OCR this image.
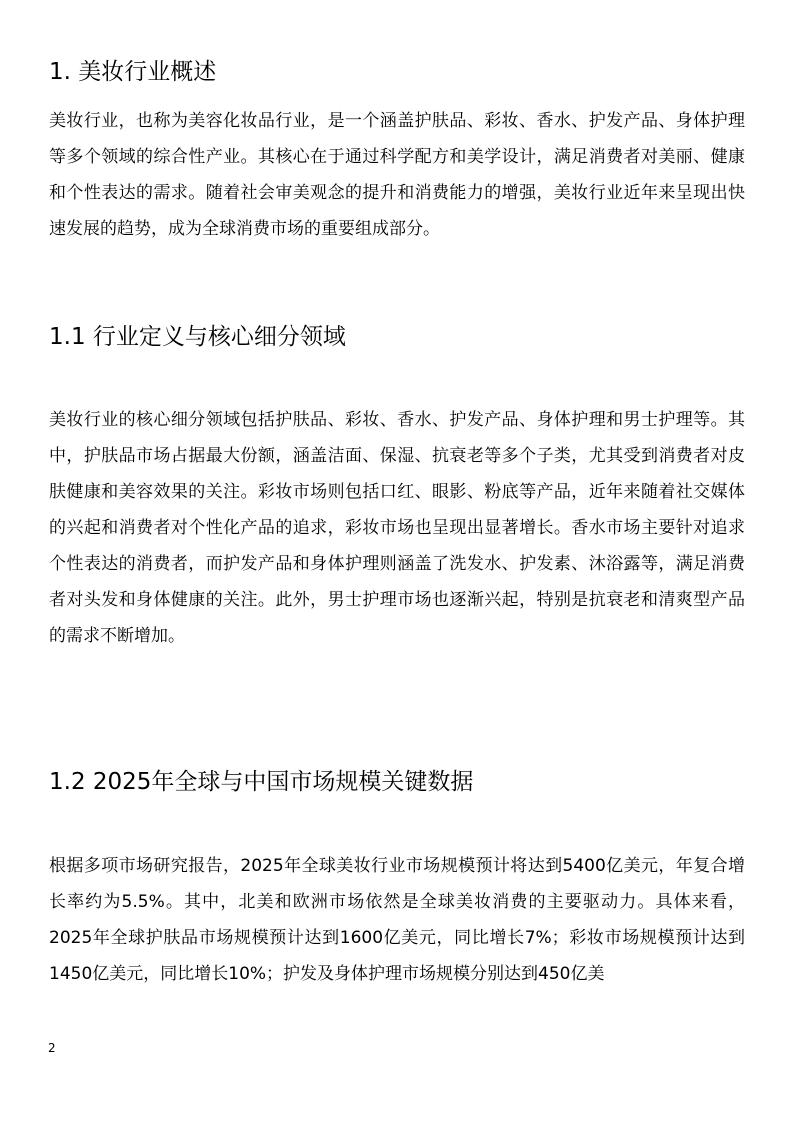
1. 美妆行业概述

美妆行业，也称为美容化妆品行业，是一个涵盖护肤品、彩妆、香水、护发产品、身体护理等多个领域的综合性产业。其核心在于通过科学配方和美学设计，满足消费者对美丽、健康和个性表达的需求。随着社会审美观念的提升和消费能力的增强，美妆行业近年来呈现出快速发展的趋势，成为全球消费市场的重要组成部分。

1.1 行业定义与核心细分领域

美妆行业的核心细分领域包括护肤品、彩妆、香水、护发产品、身体护理和男士护理等。其中，护肤品市场占据最大份额，涵盖洁面、保湿、抗衰老等多个子类，尤其受到消费者对皮肤健康和美容效果的关注。彩妆市场则包括口红、眼影、粉底等产品，近年来随着社交媒体的兴起和消费者对个性化产品的追求，彩妆市场也呈现出显著增长。香水市场主要针对追求个性表达的消费者，而护发产品和身体护理则涵盖了洗发水、护发素、沐浴露等，满足消费者对头发和身体健康的关注。此外，男士护理市场也逐渐兴起，特别是抗衰老和清爽型产品的需求不断增加。

1.2 2025年全球与中国市场规模关键数据

根据多项市场研究报告，2025年全球美妆行业市场规模预计将达到5400亿美元，年复合增长率约为5.5%。其中，北美和欧洲市场依然是全球美妆消费的主要驱动力。具体来看，2025年全球护肤品市场规模预计达到1600亿美元，同比增长7%；彩妆市场规模预计达到1450亿美元，同比增长10%；护发及身体护理市场规模分别达到450亿美

2
